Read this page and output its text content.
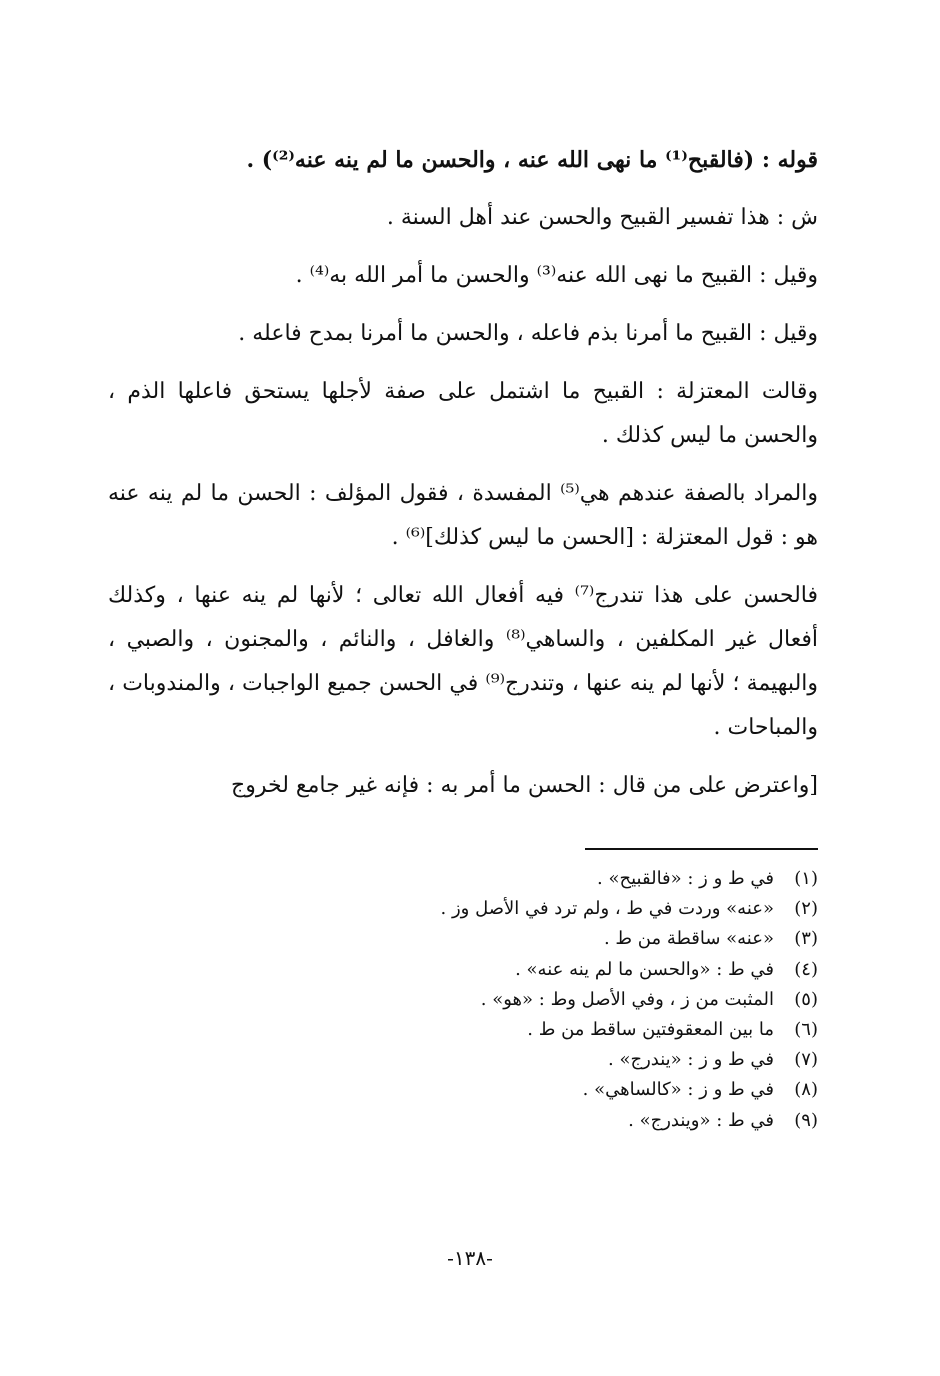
قوله : (فالقبح⁽¹⁾ ما نهى الله عنه ، والحسن ما لم ينه عنه⁽²⁾) .

ش : هذا تفسير القبيح والحسن عند أهل السنة .

وقيل : القبيح ما نهى الله عنه⁽³⁾ والحسن ما أمر الله به⁽⁴⁾ .

وقيل : القبيح ما أمرنا بذم فاعله ، والحسن ما أمرنا بمدح فاعله .

وقالت المعتزلة : القبيح ما اشتمل على صفة لأجلها يستحق فاعلها الذم ، والحسن ما ليس كذلك .

والمراد بالصفة عندهم هي⁽⁵⁾ المفسدة ، فقول المؤلف : الحسن ما لم ينه عنه هو : قول المعتزلة : [الحسن ما ليس كذلك]⁽⁶⁾ .

فالحسن على هذا تندرج⁽⁷⁾ فيه أفعال الله تعالى ؛ لأنها لم ينه عنها ، وكذلك أفعال غير المكلفين ، والساهي⁽⁸⁾ والغافل ، والنائم ، والمجنون ، والصبي ، والبهيمة ؛ لأنها لم ينه عنها ، وتندرج⁽⁹⁾ في الحسن جميع الواجبات ، والمندوبات ، والمباحات .

[واعترض على من قال : الحسن ما أمر به : فإنه غير جامع لخروج

(١)
في ط و ز : «فالقبيح» .
(٢)
«عنه» وردت في ط ، ولم ترد في الأصل وز .
(٣)
«عنه» ساقطة من ط .
(٤)
في ط : «والحسن ما لم ينه عنه» .
(٥)
المثبت من ز ، وفي الأصل وط : «هو» .
(٦)
ما بين المعقوفتين ساقط من ط .
(٧)
في ط و ز : «يندرج» .
(٨)
في ط و ز : «كالساهي» .
(٩)
في ط : «ويندرج» .
-١٣٨-
